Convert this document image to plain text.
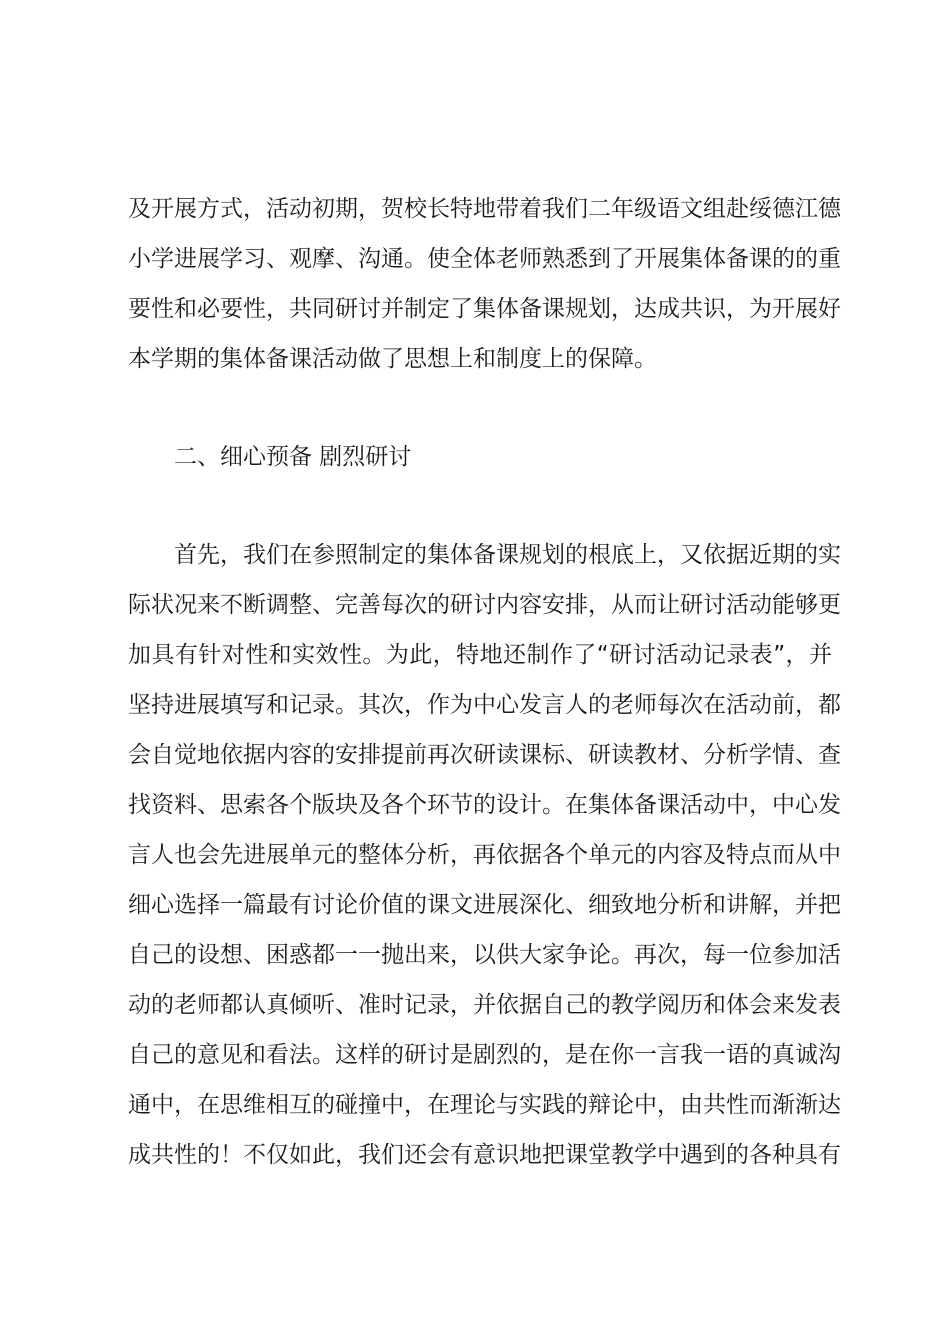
及开展方式，活动初期，贺校长特地带着我们二年级语文组赴绥德江德
小学进展学习、观摩、沟通。使全体老师熟悉到了开展集体备课的的重
要性和必要性，共同研讨并制定了集体备课规划，达成共识，为开展好
本学期的集体备课活动做了思想上和制度上的保障。
二、细心预备 剧烈研讨
首先，我们在参照制定的集体备课规划的根底上，又依据近期的实
际状况来不断调整、完善每次的研讨内容安排，从而让研讨活动能够更
加具有针对性和实效性。为此，特地还制作了“研讨活动记录表”，并
坚持进展填写和记录。其次，作为中心发言人的老师每次在活动前，都
会自觉地依据内容的安排提前再次研读课标、研读教材、分析学情、查
找资料、思索各个版块及各个环节的设计。在集体备课活动中，中心发
言人也会先进展单元的整体分析，再依据各个单元的内容及特点而从中
细心选择一篇最有讨论价值的课文进展深化、细致地分析和讲解，并把
自己的设想、困惑都一一抛出来，以供大家争论。再次，每一位参加活
动的老师都认真倾听、准时记录，并依据自己的教学阅历和体会来发表
自己的意见和看法。这样的研讨是剧烈的，是在你一言我一语的真诚沟
通中，在思维相互的碰撞中，在理论与实践的辩论中，由共性而渐渐达
成共性的！不仅如此，我们还会有意识地把课堂教学中遇到的各种具有
